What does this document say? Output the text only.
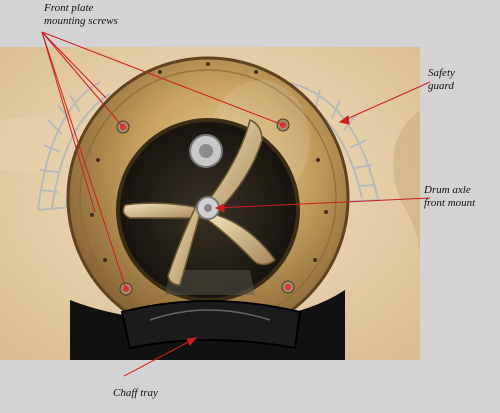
Front plate
mounting screws
Safety
guard
Drum axle
front mount
Chaff tray
